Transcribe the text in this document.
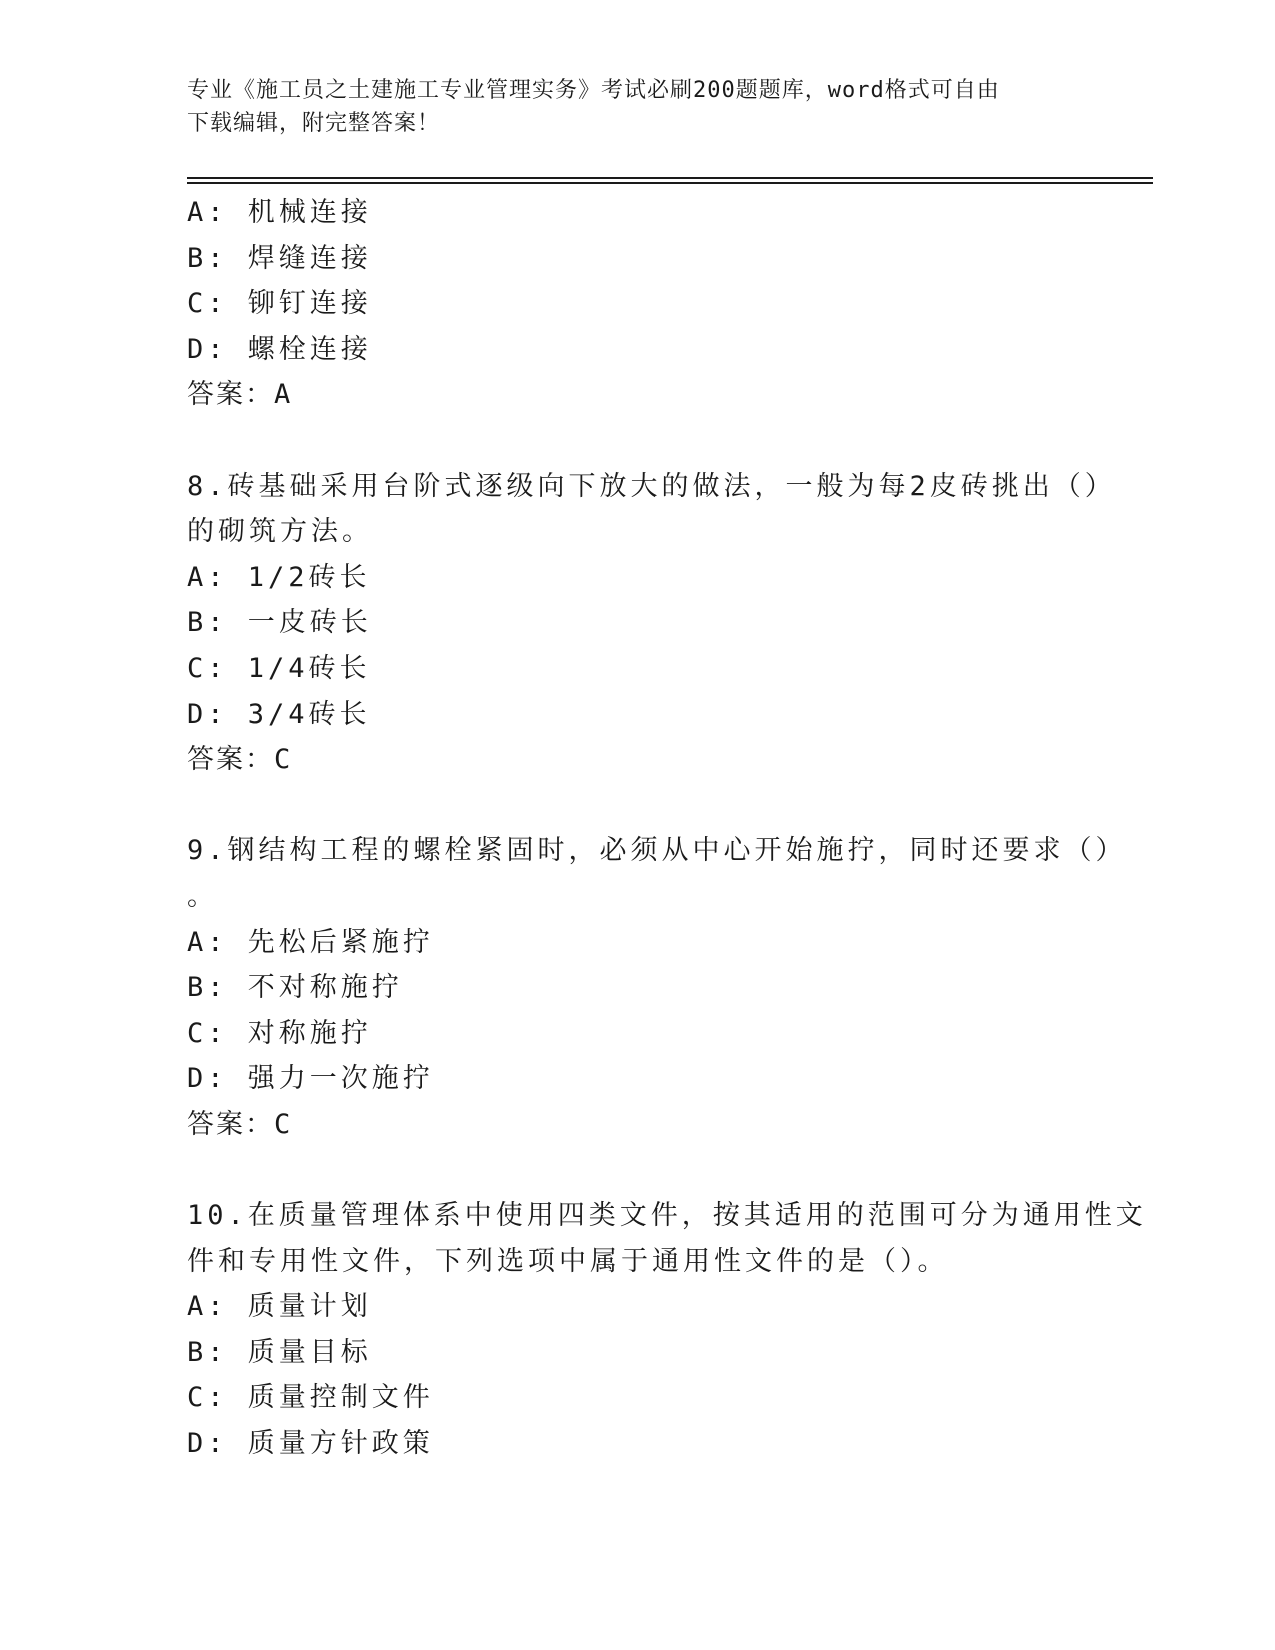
专业《施工员之土建施工专业管理实务》考试必刷200题题库，word格式可自由
下载编辑，附完整答案！
A: 机械连接
B: 焊缝连接
C: 铆钉连接
D: 螺栓连接
答案：A
8.砖基础采用台阶式逐级向下放大的做法，一般为每2皮砖挑出（）
的砌筑方法。
A: 1/2砖长
B: 一皮砖长
C: 1/4砖长
D: 3/4砖长
答案：C
9.钢结构工程的螺栓紧固时，必须从中心开始施拧，同时还要求（）
。
A: 先松后紧施拧
B: 不对称施拧
C: 对称施拧
D: 强力一次施拧
答案：C
10.在质量管理体系中使用四类文件，按其适用的范围可分为通用性文
件和专用性文件，下列选项中属于通用性文件的是（）。
A: 质量计划
B: 质量目标
C: 质量控制文件
D: 质量方针政策
